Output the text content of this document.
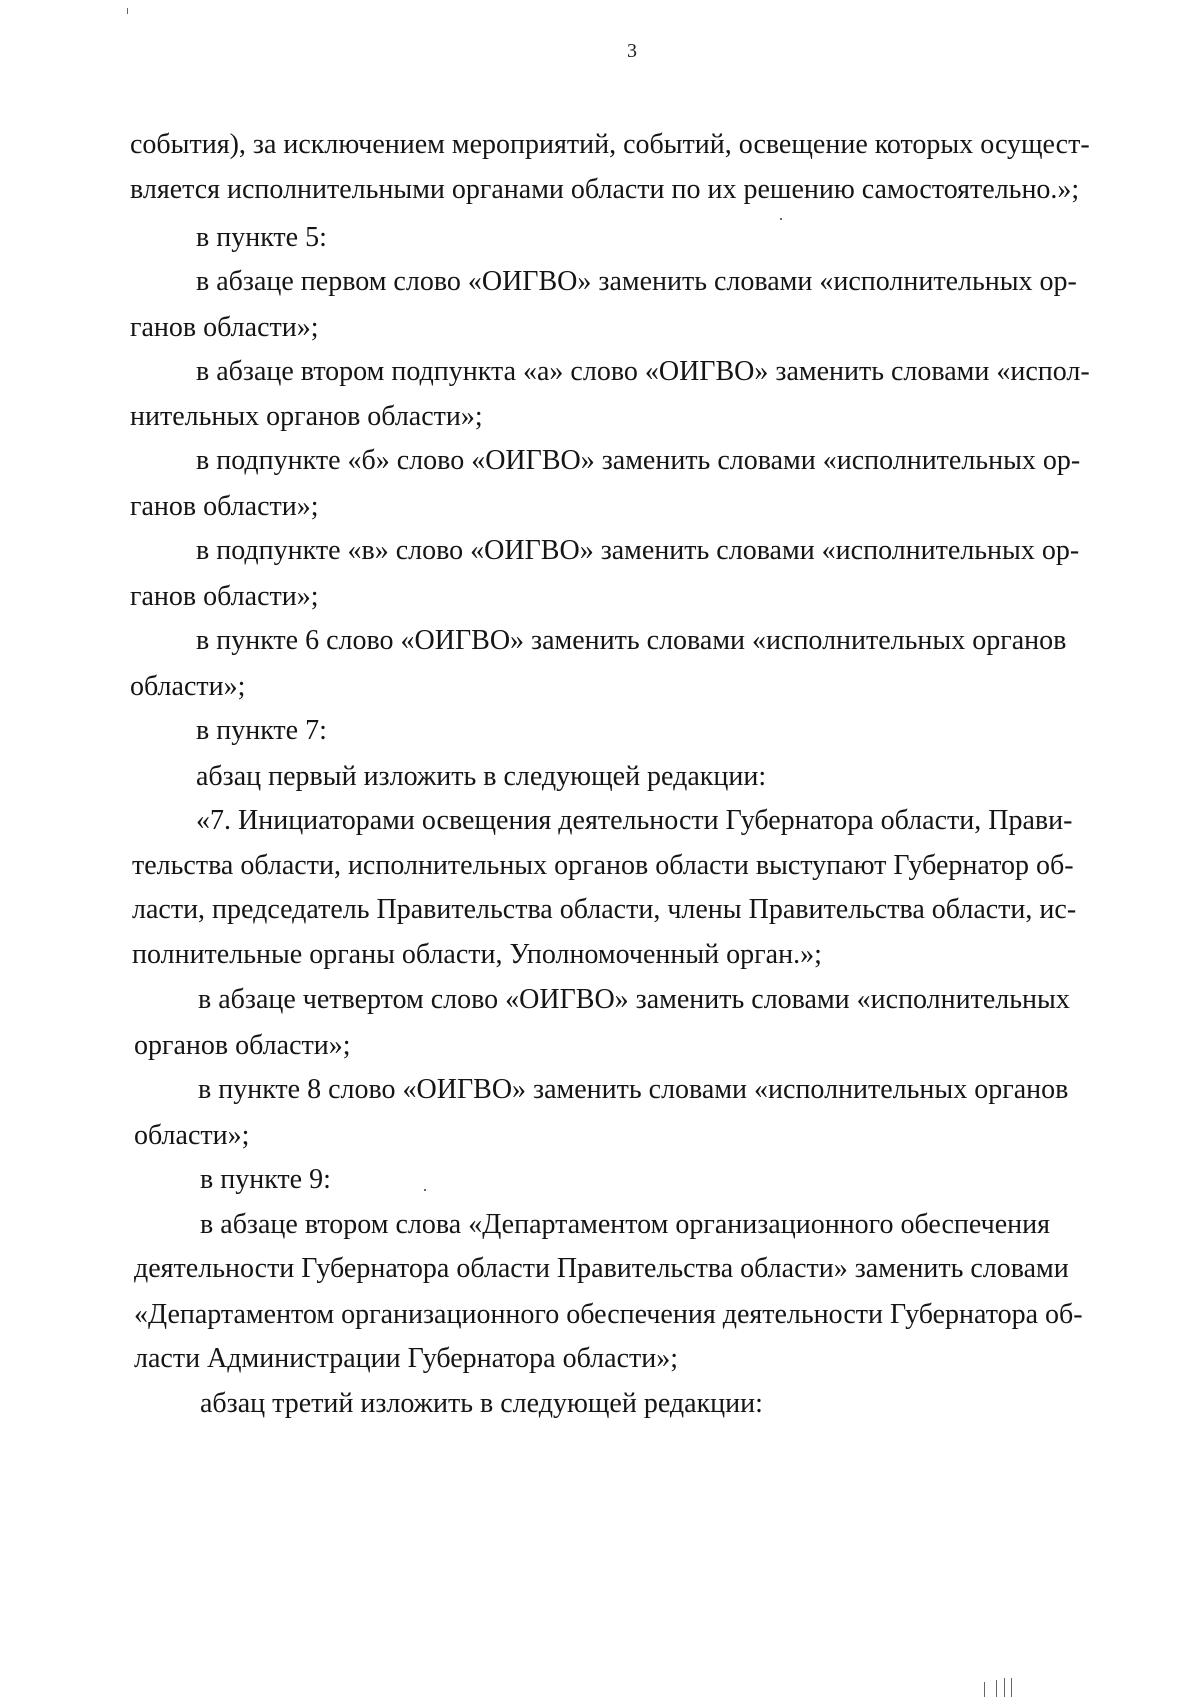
3
события), за исключением мероприятий, событий, освещение которых осущест-
вляется исполнительными органами области по их решению самостоятельно.»;
в пункте 5:
в абзаце первом слово «ОИГВО» заменить словами «исполнительных ор-
ганов области»;
в абзаце втором подпункта «а» слово «ОИГВО» заменить словами «испол-
нительных органов области»;
в подпункте «б» слово «ОИГВО» заменить словами «исполнительных ор-
ганов области»;
в подпункте «в» слово «ОИГВО» заменить словами «исполнительных ор-
ганов области»;
в пункте 6 слово «ОИГВО» заменить словами «исполнительных органов
области»;
в пункте 7:
абзац первый изложить в следующей редакции:
«7. Инициаторами освещения деятельности Губернатора области, Прави-
тельства области, исполнительных органов области выступают Губернатор об-
ласти, председатель Правительства области, члены Правительства области, ис-
полнительные органы области, Уполномоченный орган.»;
в абзаце четвертом слово «ОИГВО» заменить словами «исполнительных
органов области»;
в пункте 8 слово «ОИГВО» заменить словами «исполнительных органов
области»;
в пункте 9:
в абзаце втором слова «Департаментом организационного обеспечения
деятельности Губернатора области Правительства области» заменить словами
«Департаментом организационного обеспечения деятельности Губернатора об-
ласти Администрации Губернатора области»;
абзац третий изложить в следующей редакции:
